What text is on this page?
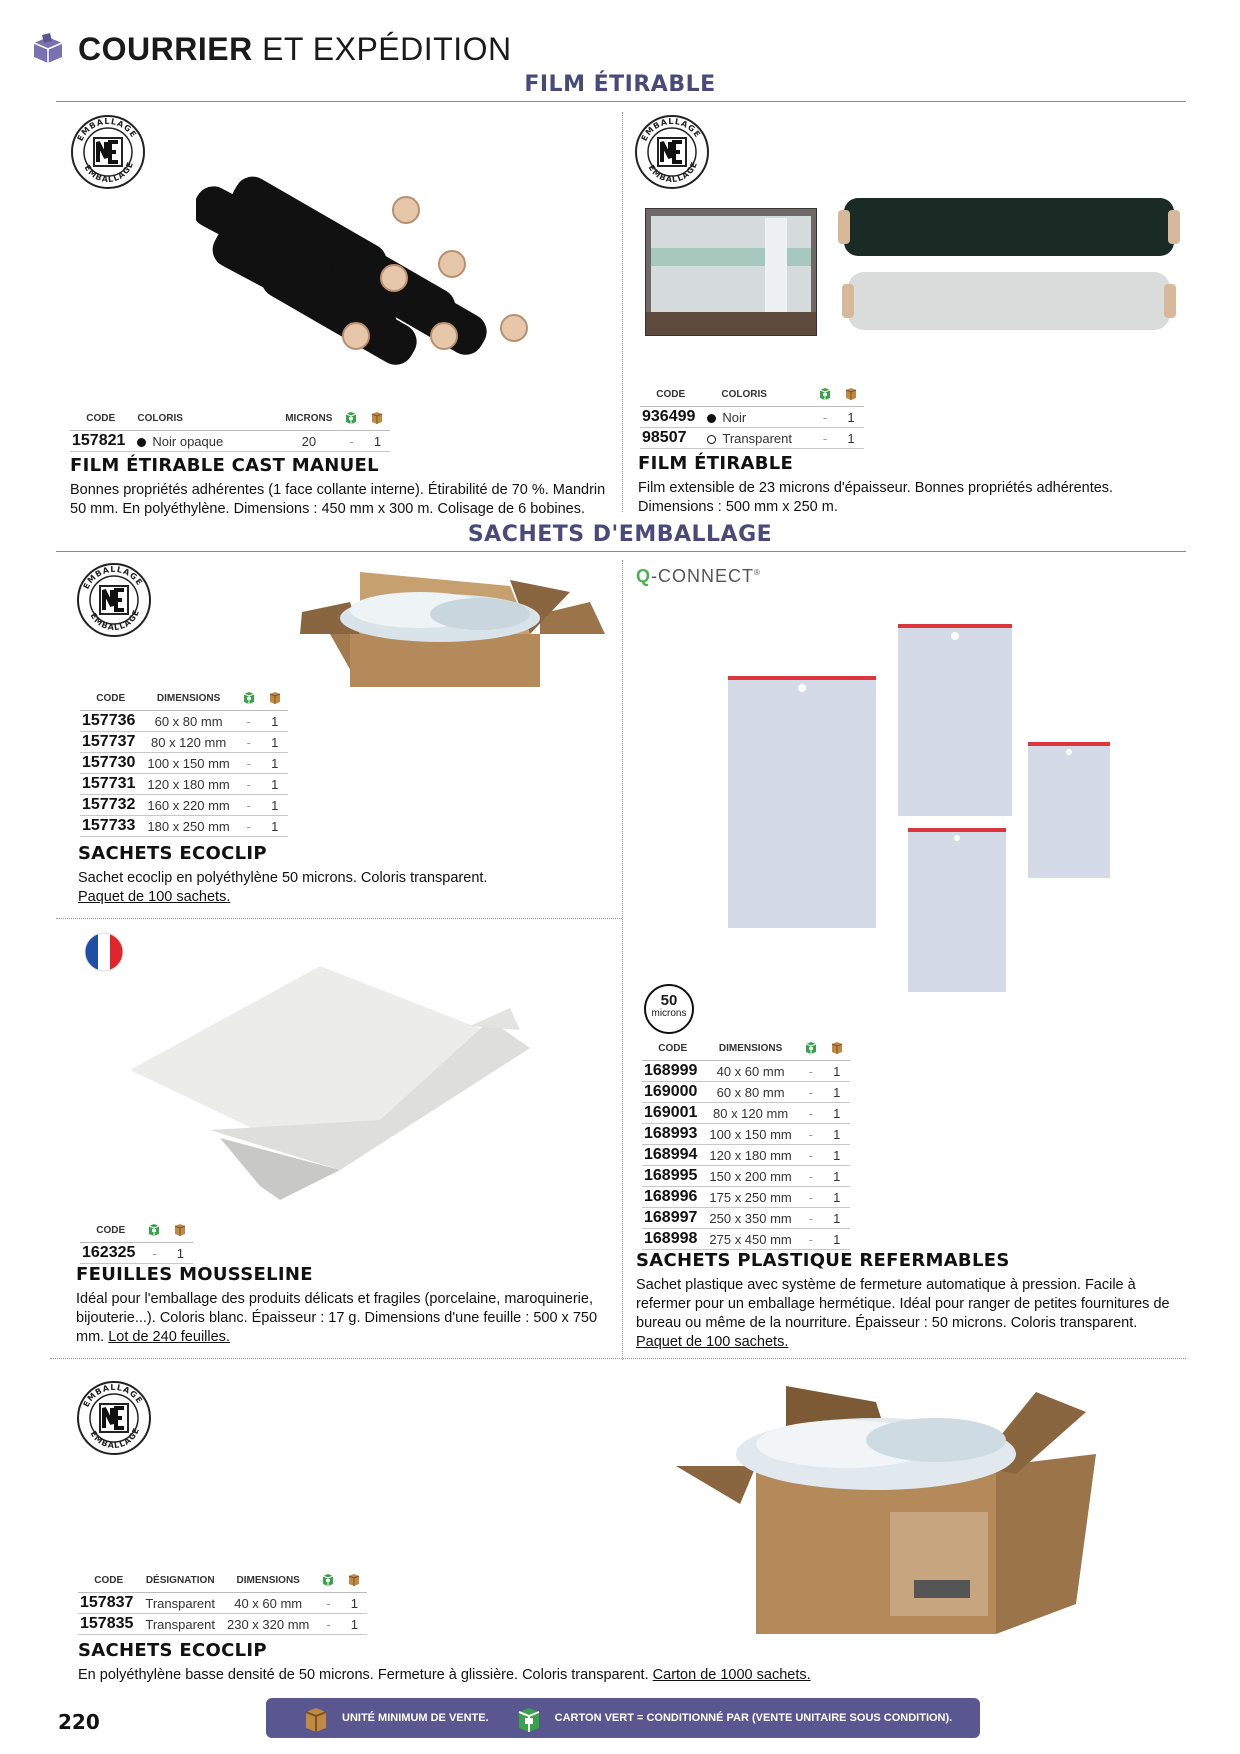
COURRIER ET EXPÉDITION
FILM ÉTIRABLE
CODE	COLORIS	MICRONS		
157821	Noir opaque	20	-	1
FILM ÉTIRABLE CAST MANUEL
Bonnes propriétés adhérentes (1 face collante interne). Étirabilité de 70 %. Mandrin 50 mm. En polyéthylène. Dimensions : 450 mm x 300 m. Colisage de 6 bobines.
CODE	COLORIS		
936499	Noir	-	1
98507	Transparent	-	1
FILM ÉTIRABLE
Film extensible de 23 microns d'épaisseur. Bonnes propriétés adhérentes. Dimensions : 500 mm x 250 m.
SACHETS D'EMBALLAGE
CODE	DIMENSIONS		
157736	60 x 80 mm	-	1
157737	80 x 120 mm	-	1
157730	100 x 150 mm	-	1
157731	120 x 180 mm	-	1
157732	160 x 220 mm	-	1
157733	180 x 250 mm	-	1
SACHETS ECOCLIP
Sachet ecoclip en polyéthylène 50 microns. Coloris transparent.
Paquet de 100 sachets.
CODE		
162325	-	1
FEUILLES MOUSSELINE
Idéal pour l'emballage des produits délicats et fragiles (porcelaine, maroquinerie, bijouterie...). Coloris blanc. Épaisseur : 17 g. Dimensions d'une feuille : 500 x 750 mm. Lot de 240 feuilles.
Q-CONNECT®
50
microns
CODE	DIMENSIONS		
168999	40 x 60 mm	-	1
169000	60 x 80 mm	-	1
169001	80 x 120 mm	-	1
168993	100 x 150 mm	-	1
168994	120 x 180 mm	-	1
168995	150 x 200 mm	-	1
168996	175 x 250 mm	-	1
168997	250 x 350 mm	-	1
168998	275 x 450 mm	-	1
SACHETS PLASTIQUE REFERMABLES
Sachet plastique avec système de fermeture automatique à pression. Facile à refermer pour un emballage hermétique. Idéal pour ranger de petites fournitures de bureau ou même de la nourriture. Épaisseur : 50 microns. Coloris transparent. Paquet de 100 sachets.
CODE	DÉSIGNATION	DIMENSIONS		
157837	Transparent	40 x 60 mm	-	1
157835	Transparent	230 x 320 mm	-	1
SACHETS ECOCLIP
En polyéthylène basse densité de 50 microns. Fermeture à glissière. Coloris transparent. Carton de 1000 sachets.
220	UNITÉ MINIMUM DE VENTE.	CARTON VERT = CONDITIONNÉ PAR (VENTE UNITAIRE SOUS CONDITION).
